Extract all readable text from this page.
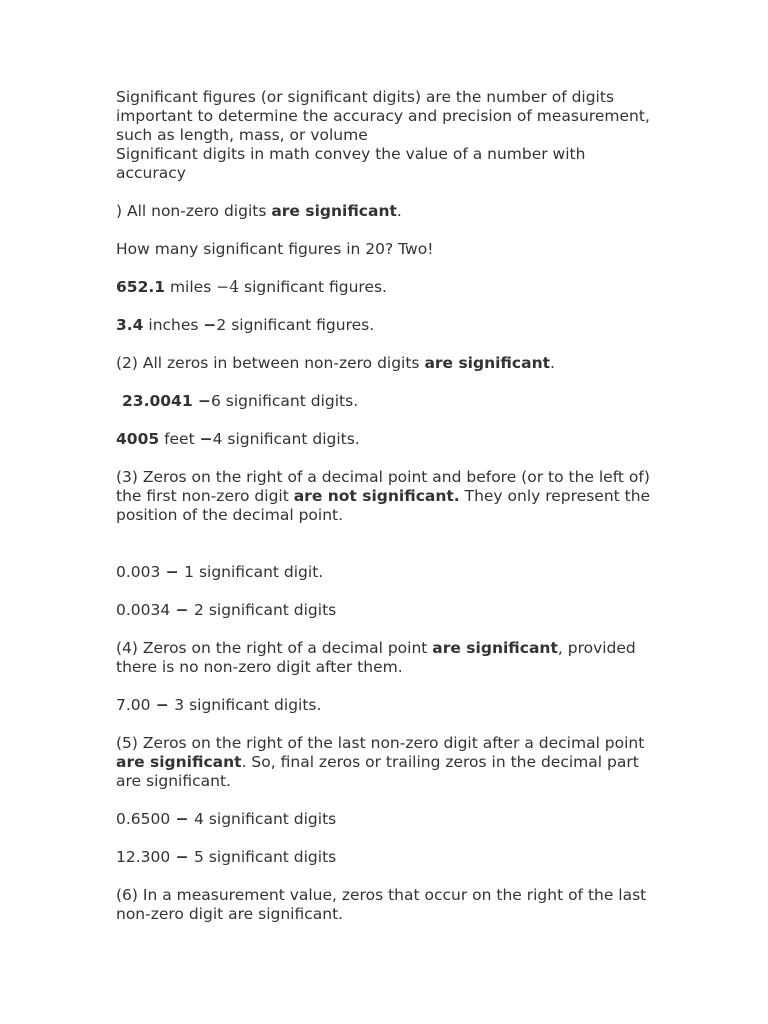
Significant figures (or significant digits) are the number of digits important to determine the accuracy and precision of measurement, such as length, mass, or volume

Significant digits in math convey the value of a number with accuracy

) All non-zero digits are significant.

How many significant figures in 20? Two!

652.1 miles −4 significant figures.

3.4 inches −2 significant figures.

(2) All zeros in between non-zero digits are significant.

23.0041 −6 significant digits.

4005 feet −4 significant digits.

(3) Zeros on the right of a decimal point and before (or to the left of) the first non-zero digit are not significant. They only represent the position of the decimal point.

0.003 − 1 significant digit.

0.0034 − 2 significant digits

(4) Zeros on the right of a decimal point are significant, provided there is no non-zero digit after them.

7.00 − 3 significant digits.

(5) Zeros on the right of the last non-zero digit after a decimal point are significant. So, final zeros or trailing zeros in the decimal part are significant.

0.6500 − 4 significant digits

12.300 − 5 significant digits

(6) In a measurement value, zeros that occur on the right of the last non-zero digit are significant.
